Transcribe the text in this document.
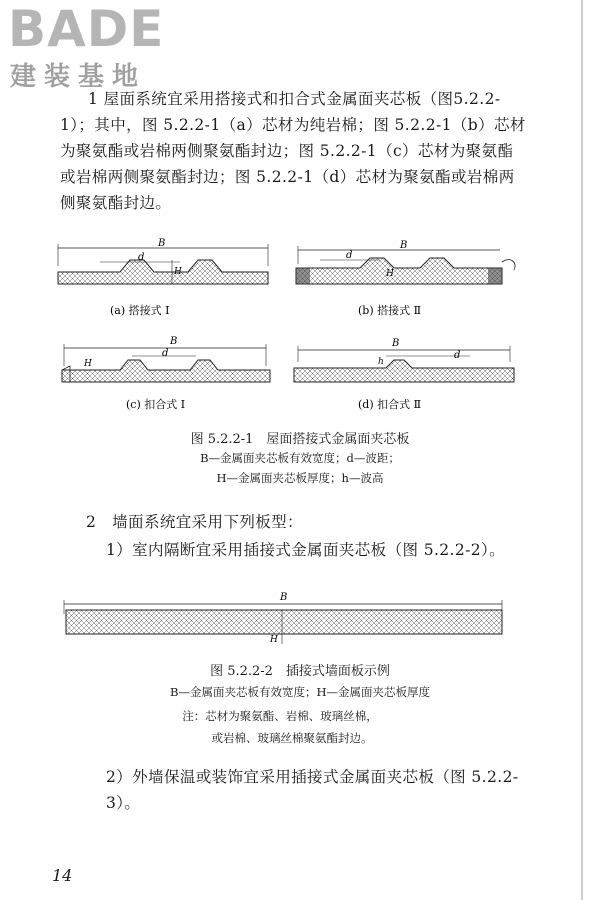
BADE
建装基地
1 屋面系统宜采用搭接式和扣合式金属面夹芯板（图5.2.2-1）；其中，图 5.2.2-1（a）芯材为纯岩棉；图 5.2.2-1（b）芯材为聚氨酯或岩棉两侧聚氨酯封边；图 5.2.2-1（c）芯材为聚氨酯或岩棉两侧聚氨酯封边；图 5.2.2-1（d）芯材为聚氨酯或岩棉两侧聚氨酯封边。
B
d
H
(a) 搭接式 Ⅰ
B
d
H
(b) 搭接式 Ⅱ
B
d
H
(c) 扣合式 Ⅰ
B
d
h
(d) 扣合式 Ⅱ
图 5.2.2-1　屋面搭接式金属面夹芯板
B—金属面夹芯板有效宽度；d—波距；
H—金属面夹芯板厚度；h—波高
2　墙面系统宜采用下列板型：
1）室内隔断宜采用插接式金属面夹芯板（图 5.2.2-2）。
B
H
图 5.2.2-2　插接式墙面板示例
B—金属面夹芯板有效宽度；H—金属面夹芯板厚度
注：芯材为聚氨酯、岩棉、玻璃丝棉，
或岩棉、玻璃丝棉聚氨酯封边。
2）外墙保温或装饰宜采用插接式金属面夹芯板（图 5.2.2-3）。
14
